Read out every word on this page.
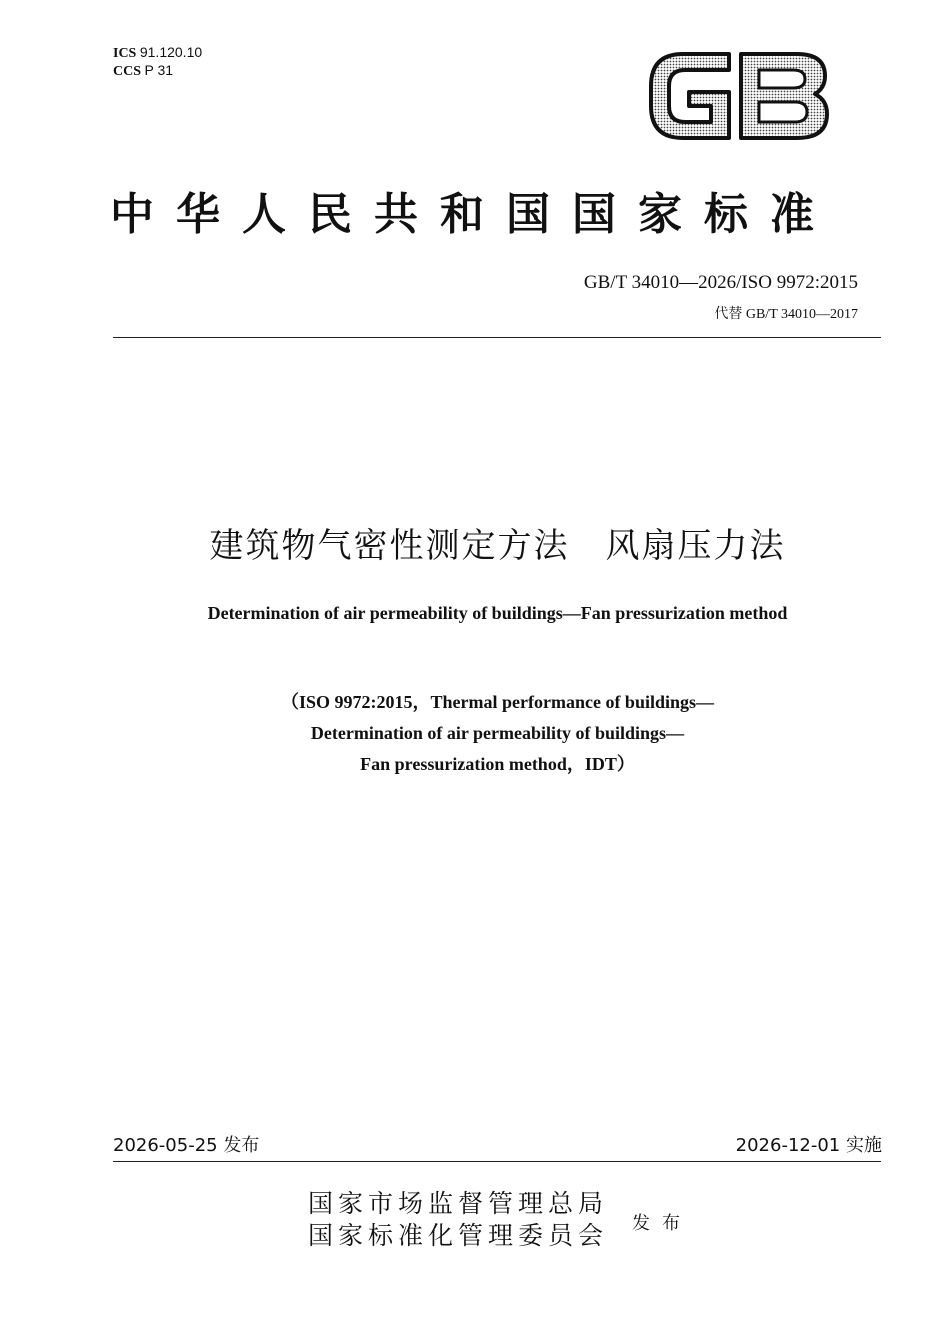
ICS 91.120.10
CCS P 31
中华人民共和国国家标准
GB/T 34010—2026/ISO 9972:2015
代替 GB/T 34010—2017
建筑物气密性测定方法　风扇压力法
Determination of air permeability of buildings—Fan pressurization method
（ISO 9972:2015，Thermal performance of buildings—
Determination of air permeability of buildings—
Fan pressurization method，IDT）
2026-05-25 发布	2026-12-01 实施
国家市场监督管理总局
国家标准化管理委员会 发布
